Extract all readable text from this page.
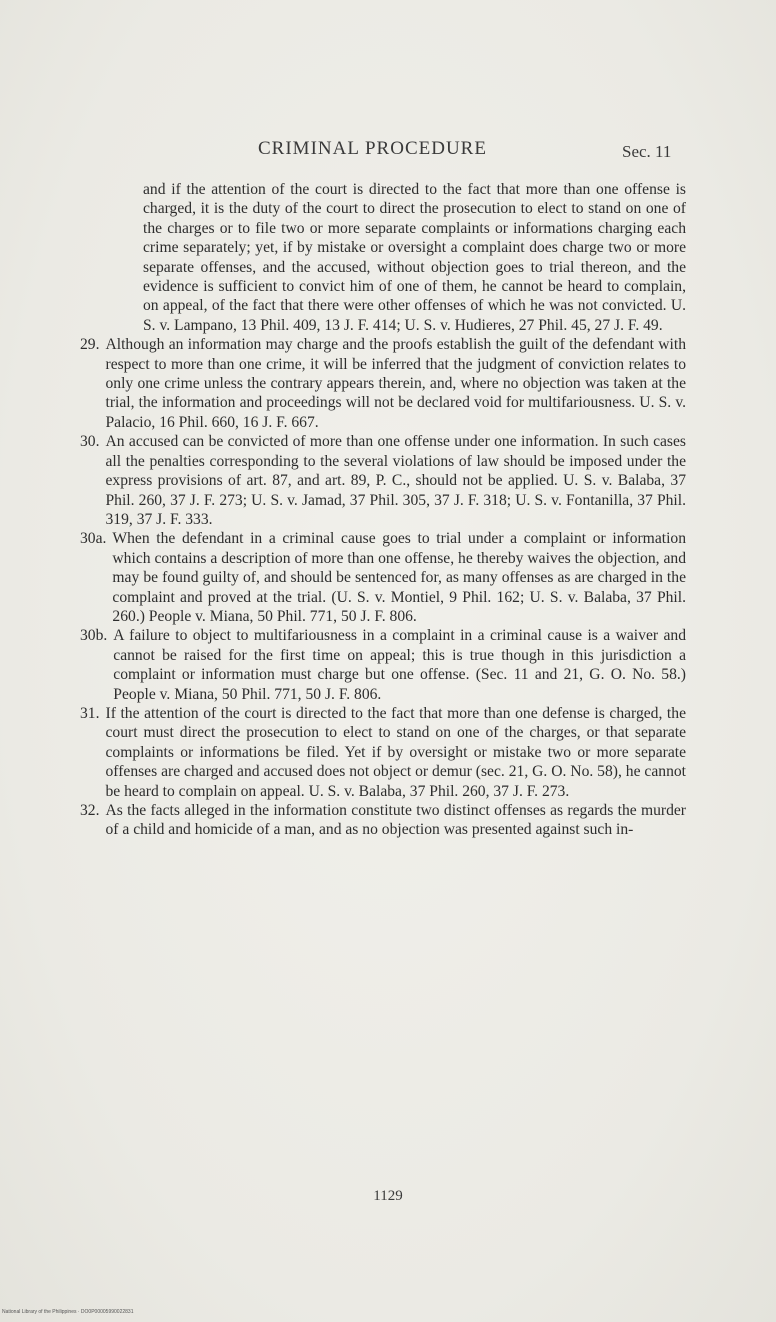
CRIMINAL PROCEDURE	Sec. 11

and if the attention of the court is directed to the fact that more than one offense is charged, it is the duty of the court to direct the prosecution to elect to stand on one of the charges or to file two or more separate complaints or informations charging each crime separately; yet, if by mistake or oversight a complaint does charge two or more separate offenses, and the accused, without objection goes to trial thereon, and the evidence is sufficient to convict him of one of them, he cannot be heard to complain, on appeal, of the fact that there were other offenses of which he was not convicted. U. S. v. Lampano, 13 Phil. 409, 13 J. F. 414; U. S. v. Hudieres, 27 Phil. 45, 27 J. F. 49.

29. Although an information may charge and the proofs establish the guilt of the defendant with respect to more than one crime, it will be inferred that the judgment of conviction relates to only one crime unless the contrary appears therein, and, where no objection was taken at the trial, the information and proceedings will not be declared void for multifariousness. U. S. v. Palacio, 16 Phil. 660, 16 J. F. 667.
30. An accused can be convicted of more than one offense under one information. In such cases all the penalties corresponding to the several violations of law should be imposed under the express provisions of art. 87, and art. 89, P. C., should not be applied. U. S. v. Balaba, 37 Phil. 260, 37 J. F. 273; U. S. v. Jamad, 37 Phil. 305, 37 J. F. 318; U. S. v. Fontanilla, 37 Phil. 319, 37 J. F. 333.
30a. When the defendant in a criminal cause goes to trial under a complaint or information which contains a description of more than one offense, he thereby waives the objection, and may be found guilty of, and should be sentenced for, as many offenses as are charged in the complaint and proved at the trial. (U. S. v. Montiel, 9 Phil. 162; U. S. v. Balaba, 37 Phil. 260.) People v. Miana, 50 Phil. 771, 50 J. F. 806.
30b. A failure to object to multifariousness in a complaint in a criminal cause is a waiver and cannot be raised for the first time on appeal; this is true though in this jurisdiction a complaint or information must charge but one offense. (Sec. 11 and 21, G. O. No. 58.) People v. Miana, 50 Phil. 771, 50 J. F. 806.
31. If the attention of the court is directed to the fact that more than one defense is charged, the court must direct the prosecution to elect to stand on one of the charges, or that separate complaints or informations be filed. Yet if by oversight or mistake two or more separate offenses are charged and accused does not object or demur (sec. 21, G. O. No. 58), he cannot be heard to complain on appeal. U. S. v. Balaba, 37 Phil. 260, 37 J. F. 273.
32. As the facts alleged in the information constitute two distinct offenses as regards the murder of a child and homicide of a man, and as no objection was presented against such in-
1129
National Library of the Philippines · DO0P00005990022831
